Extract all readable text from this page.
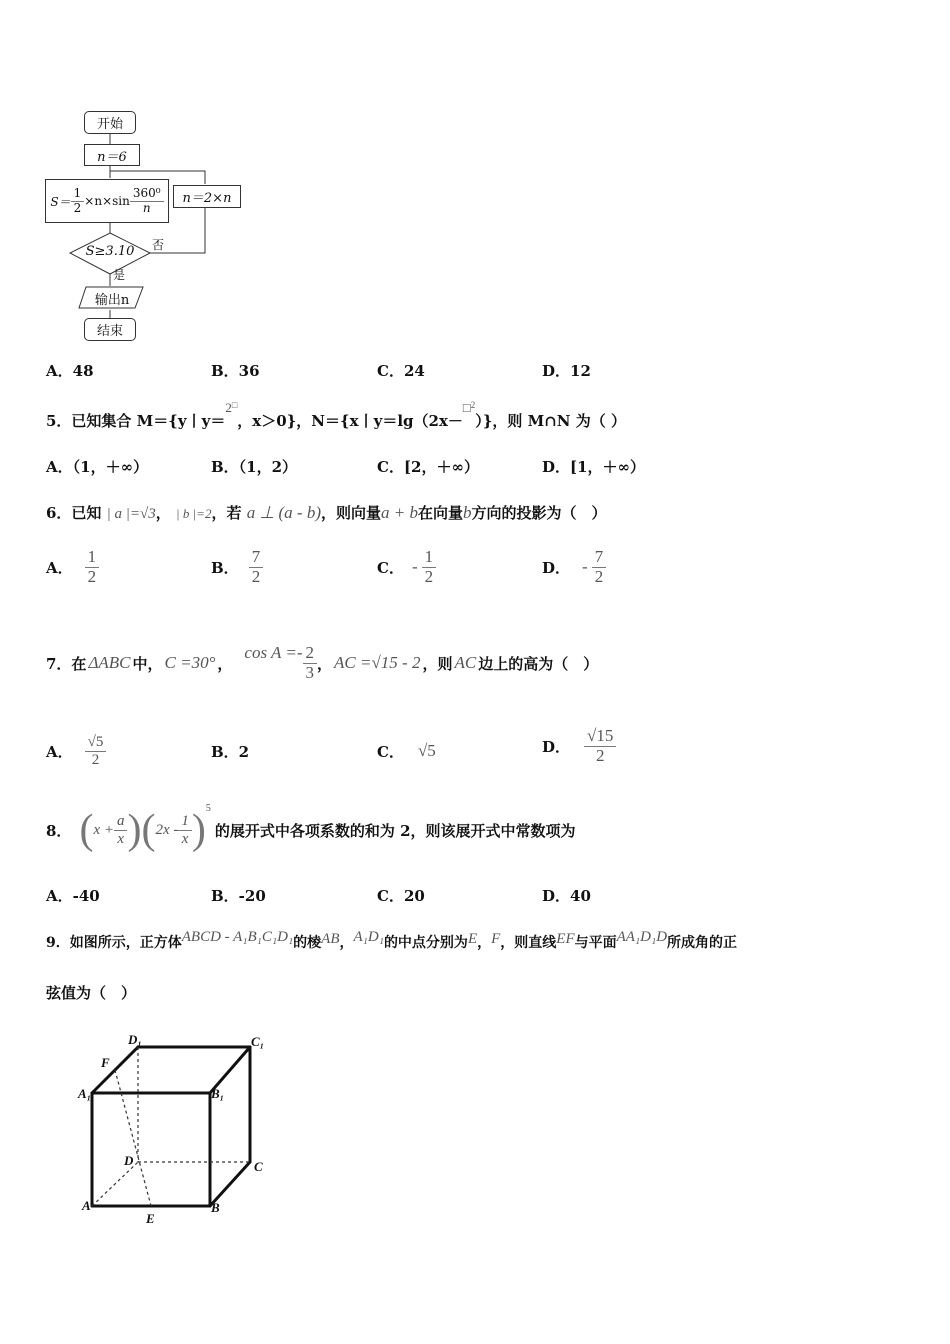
开始
n＝6
$S= \frac{1}{2} \times n\times\sin \frac{\text{360⁰}}{n}$	n＝2×n
S≥3.10	否
是
输出n
结束
A．48	B．36	C．24	D．12
5．已知集合 M＝{y丨y＝2□，x＞0}，N＝{x丨y＝lg（2x－□$^2$）}，则 M∩N 为（ ）
A．（1，＋∞）	B．（1，2）	C．[2，＋∞）	D．[1，＋∞）
6．已知 | a |=√3， | b |=2，若 a ⊥ (a - b)，则向量a + b在向量b方向的投影为（　）
A． $\frac{1}{2}$	B． $\frac{7}{2}$	C． - $\frac{1}{2}$	D． - $\frac{7}{2}$
7．在 ΔABC 中， C =30° ，
$\cos A =- \frac{2}{3}$ ， AC =√15 - 2 ，则 AC 边上的高为（　）
A． $\frac{√5}{2}$	B．2	C． √5	D． $\frac{√15}{2}$
8． ( $x + \frac{a}{x}$ )( $2x - \frac{1}{x}$ ) 5
的展开式中各项系数的和为 2，则该展开式中常数项为
A．-40	B．-20	C．20	D．40
9．如图所示，正方体ABCD - A₁B₁C₁D₁的棱AB，A₁D₁的中点分别为E，F，则直线EF与平面AA₁D₁D所成角的正
弦值为（　）
D₁	C₁
F
A₁	B₁
D	C
A	B
E
